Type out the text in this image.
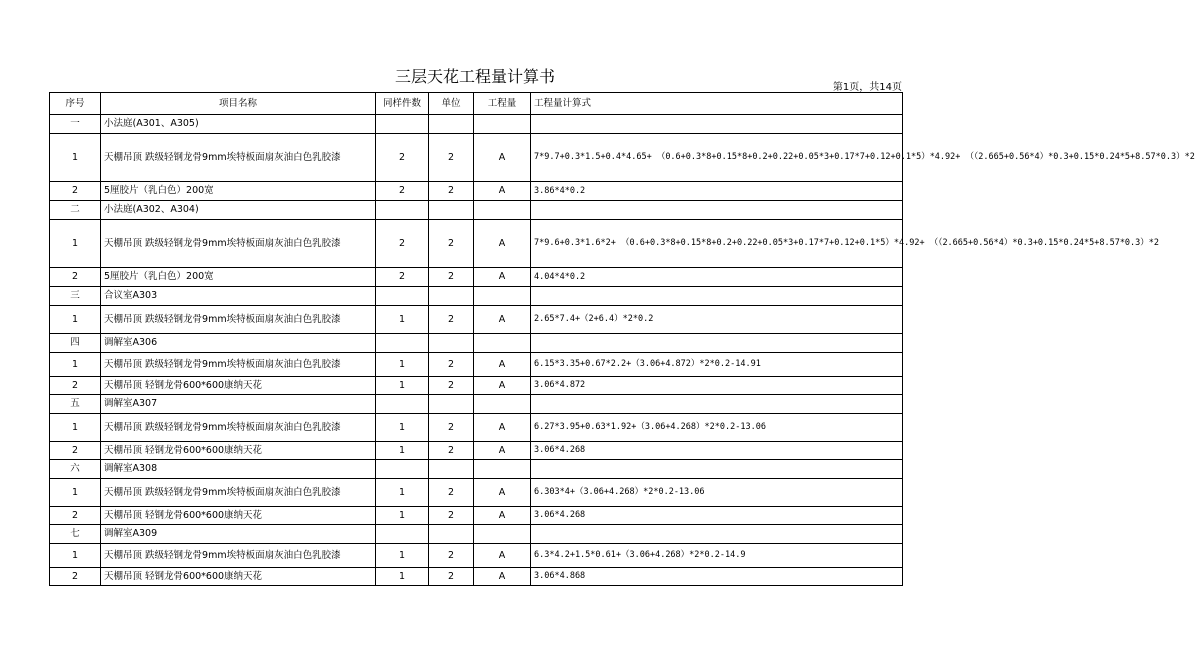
三层天花工程量计算书
第1页，共14页
序号	项目名称	同样件数	单位	工程量	工程量计算式
一	小法庭(A301、A305)				
1	天棚吊顶 跌级轻钢龙骨9mm埃特板面扇灰油白色乳胶漆	2	2	A	7*9.7+0.3*1.5+0.4*4.65+ （0.6+0.3*8+0.15*8+0.2+0.22+0.05*3+0.17*7+0.12+0.1*5）*4.92+ （（2.665+0.56*4）*0.3+0.15*0.24*5+8.57*0.3）*2
2	5厘胶片（乳白色）200宽	2	2	A	3.86*4*0.2
二	小法庭(A302、A304)				
1	天棚吊顶 跌级轻钢龙骨9mm埃特板面扇灰油白色乳胶漆	2	2	A	7*9.6+0.3*1.6*2+ （0.6+0.3*8+0.15*8+0.2+0.22+0.05*3+0.17*7+0.12+0.1*5）*4.92+ （（2.665+0.56*4）*0.3+0.15*0.24*5+8.57*0.3）*2
2	5厘胶片（乳白色）200宽	2	2	A	4.04*4*0.2
三	合议室A303				
1	天棚吊顶 跌级轻钢龙骨9mm埃特板面扇灰油白色乳胶漆	1	2	A	2.65*7.4+（2+6.4）*2*0.2
四	调解室A306				
1	天棚吊顶 跌级轻钢龙骨9mm埃特板面扇灰油白色乳胶漆	1	2	A	6.15*3.35+0.67*2.2+（3.06+4.872）*2*0.2-14.91
2	天棚吊顶 轻钢龙骨600*600康纳天花	1	2	A	3.06*4.872
五	调解室A307				
1	天棚吊顶 跌级轻钢龙骨9mm埃特板面扇灰油白色乳胶漆	1	2	A	6.27*3.95+0.63*1.92+（3.06+4.268）*2*0.2-13.06
2	天棚吊顶 轻钢龙骨600*600康纳天花	1	2	A	3.06*4.268
六	调解室A308				
1	天棚吊顶 跌级轻钢龙骨9mm埃特板面扇灰油白色乳胶漆	1	2	A	6.303*4+（3.06+4.268）*2*0.2-13.06
2	天棚吊顶 轻钢龙骨600*600康纳天花	1	2	A	3.06*4.268
七	调解室A309				
1	天棚吊顶 跌级轻钢龙骨9mm埃特板面扇灰油白色乳胶漆	1	2	A	6.3*4.2+1.5*0.61+（3.06+4.268）*2*0.2-14.9
2	天棚吊顶 轻钢龙骨600*600康纳天花	1	2	A	3.06*4.868
